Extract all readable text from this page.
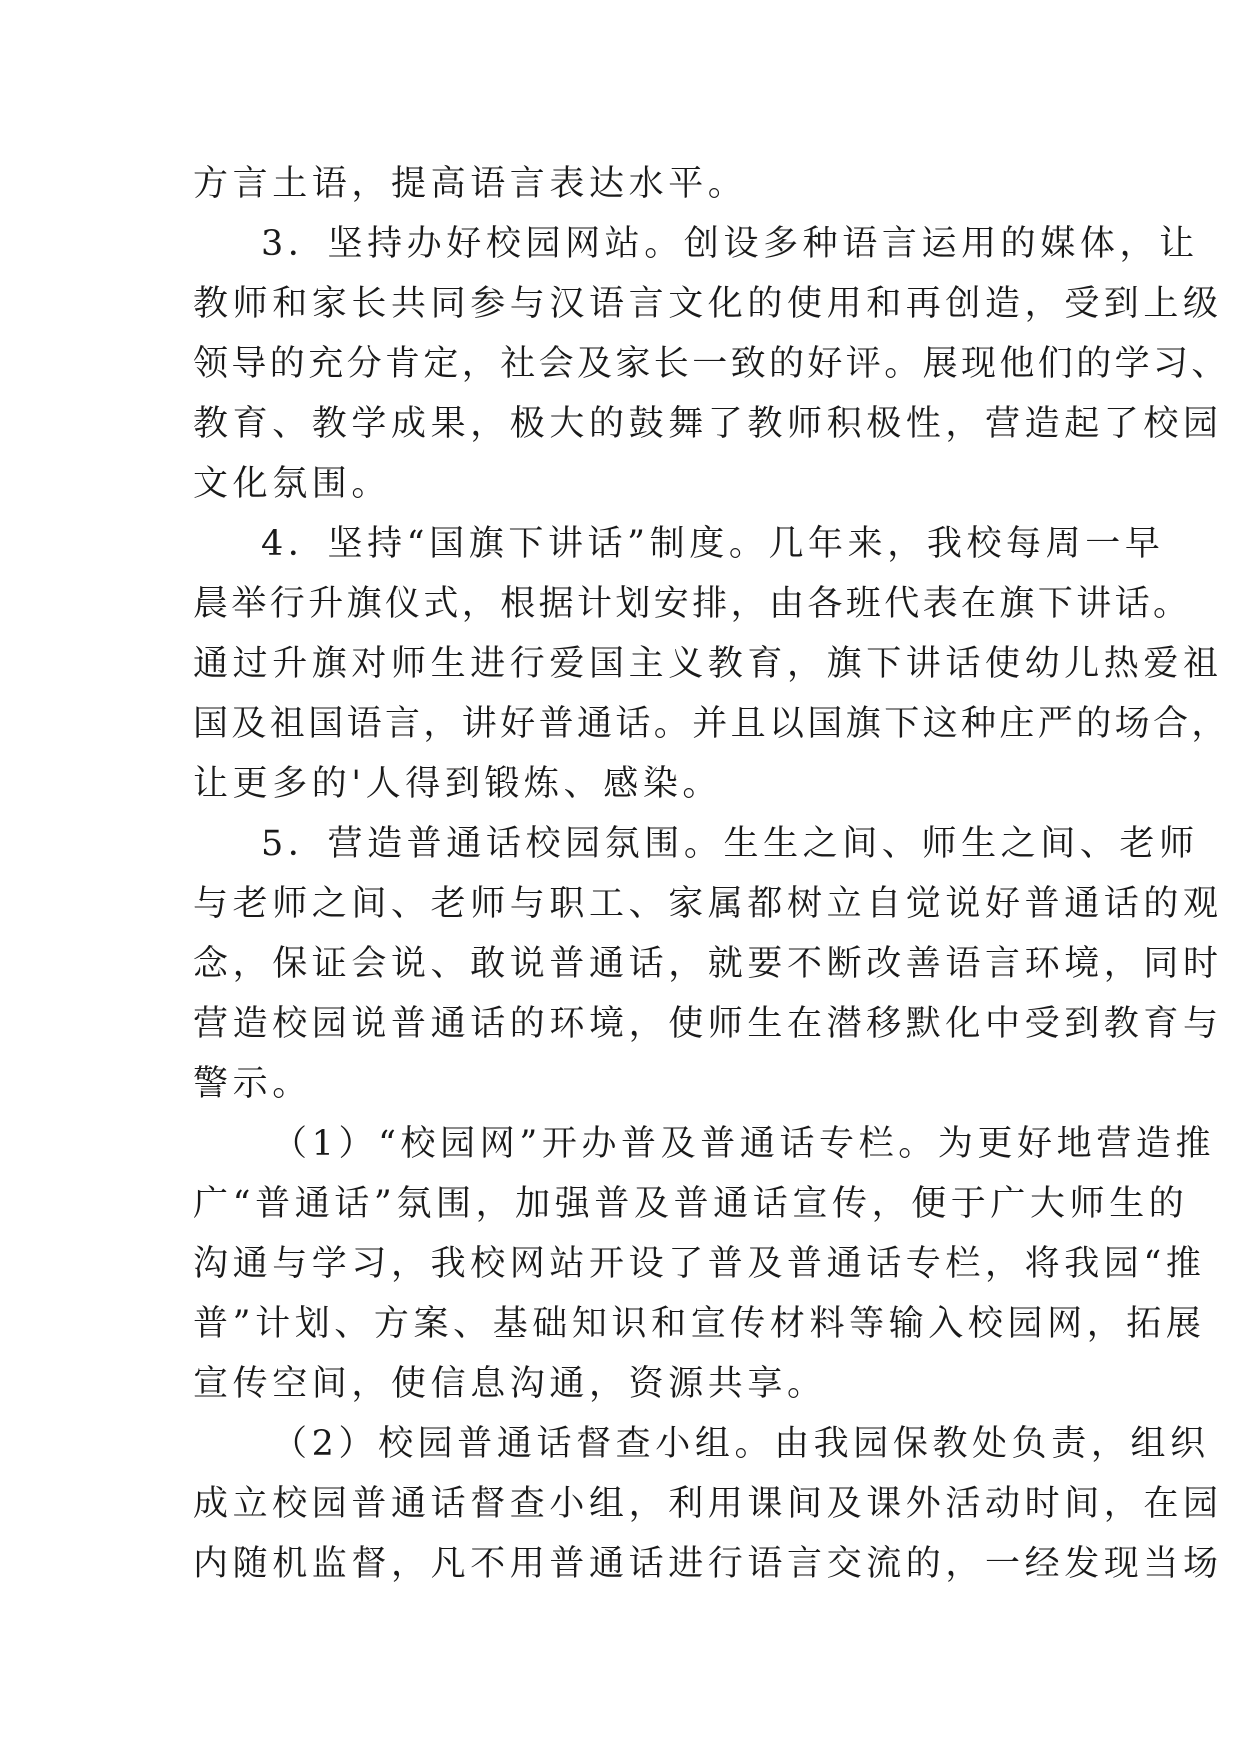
方言土语，提高语言表达水平。
3．坚持办好校园网站。创设多种语言运用的媒体，让
教师和家长共同参与汉语言文化的使用和再创造，受到上级
领导的充分肯定，社会及家长一致的好评。展现他们的学习、
教育、教学成果，极大的鼓舞了教师积极性，营造起了校园
文化氛围。
4．坚持“国旗下讲话”制度。几年来，我校每周一早
晨举行升旗仪式，根据计划安排，由各班代表在旗下讲话。
通过升旗对师生进行爱国主义教育，旗下讲话使幼儿热爱祖
国及祖国语言，讲好普通话。并且以国旗下这种庄严的场合，
让更多的'人得到锻炼、感染。
5．营造普通话校园氛围。生生之间、师生之间、老师
与老师之间、老师与职工、家属都树立自觉说好普通话的观
念，保证会说、敢说普通话，就要不断改善语言环境，同时
营造校园说普通话的环境，使师生在潜移默化中受到教育与
警示。
（1）“校园网”开办普及普通话专栏。为更好地营造推
广“普通话”氛围，加强普及普通话宣传，便于广大师生的
沟通与学习，我校网站开设了普及普通话专栏，将我园“推
普”计划、方案、基础知识和宣传材料等输入校园网，拓展
宣传空间，使信息沟通，资源共享。
（2）校园普通话督查小组。由我园保教处负责，组织
成立校园普通话督查小组，利用课间及课外活动时间，在园
内随机监督，凡不用普通话进行语言交流的，一经发现当场
